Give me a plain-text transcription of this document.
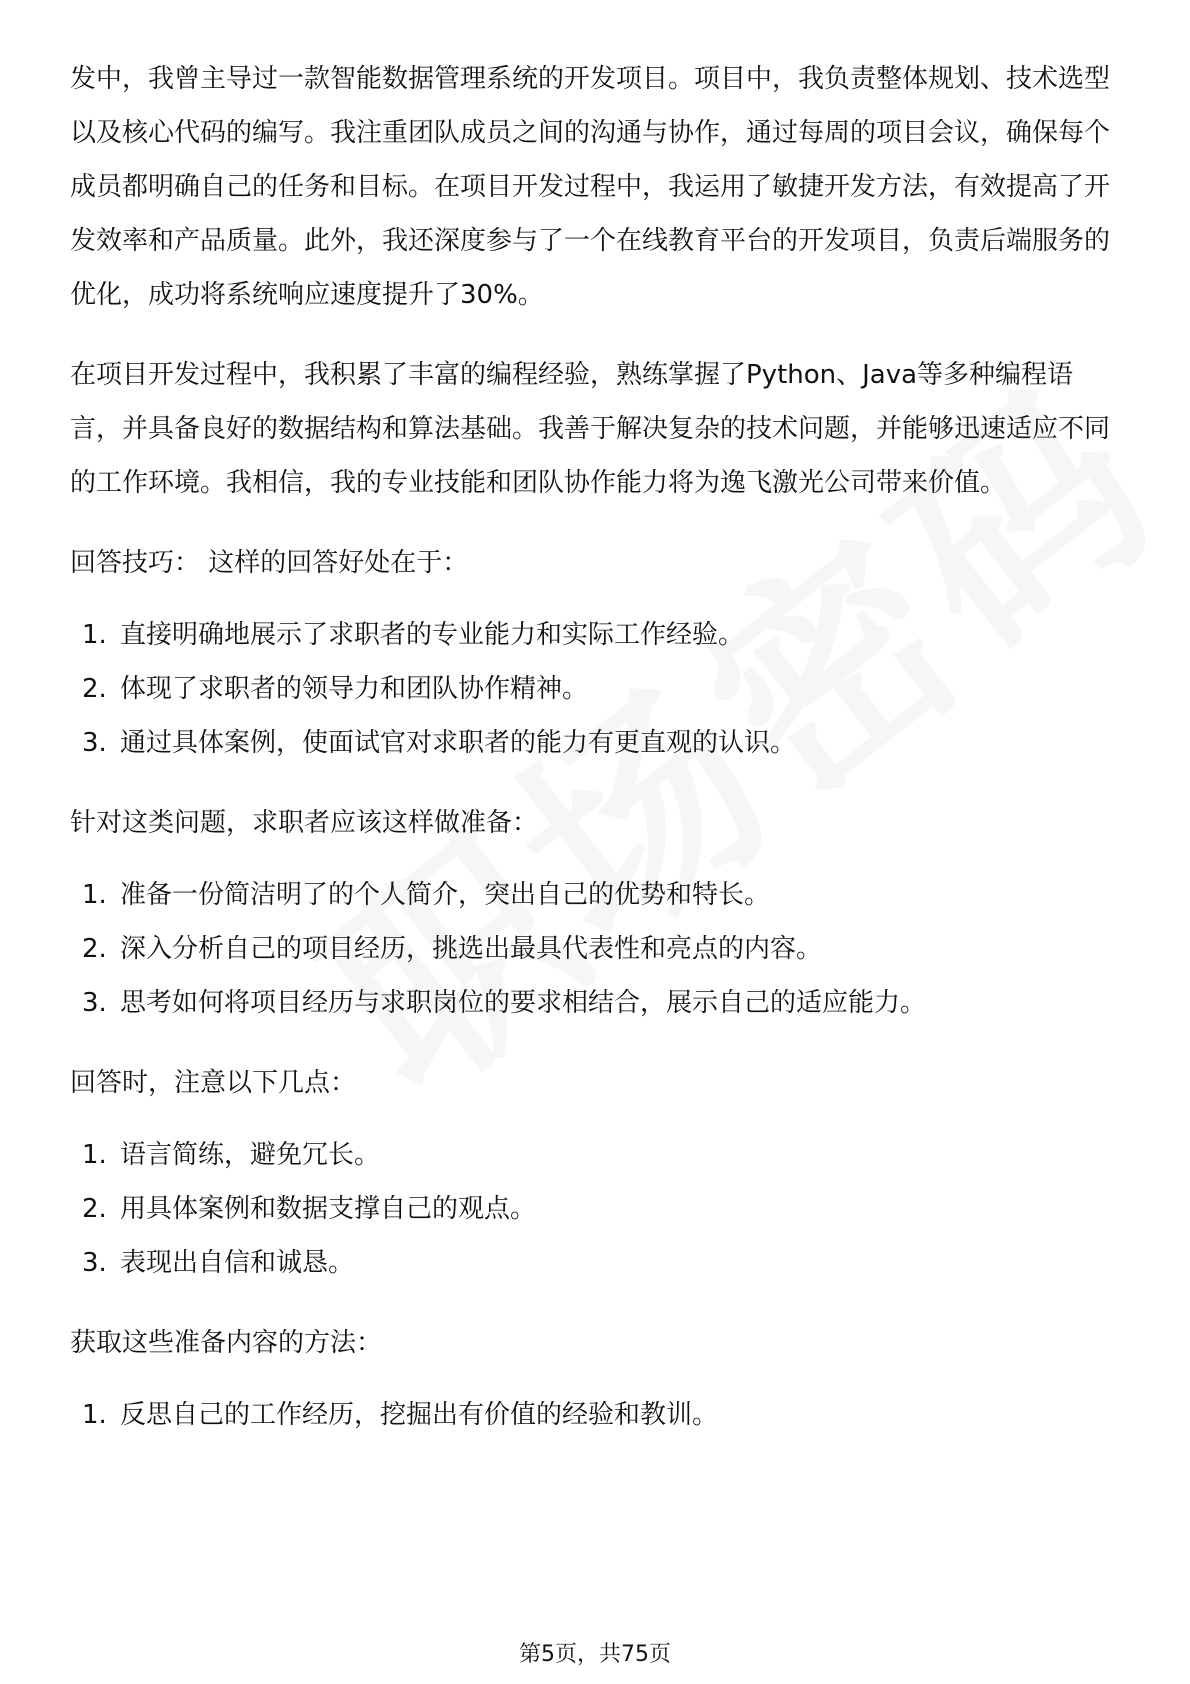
发中，我曾主导过一款智能数据管理系统的开发项目。项目中，我负责整体规划、技术选型以及核心代码的编写。我注重团队成员之间的沟通与协作，通过每周的项目会议，确保每个成员都明确自己的任务和目标。在项目开发过程中，我运用了敏捷开发方法，有效提高了开发效率和产品质量。此外，我还深度参与了一个在线教育平台的开发项目，负责后端服务的优化，成功将系统响应速度提升了30%。

在项目开发过程中，我积累了丰富的编程经验，熟练掌握了Python、Java等多种编程语言，并具备良好的数据结构和算法基础。我善于解决复杂的技术问题，并能够迅速适应不同的工作环境。我相信，我的专业技能和团队协作能力将为逸飞激光公司带来价值。

回答技巧： 这样的回答好处在于：

1. 直接明确地展示了求职者的专业能力和实际工作经验。
2. 体现了求职者的领导力和团队协作精神。
3. 通过具体案例，使面试官对求职者的能力有更直观的认识。

针对这类问题，求职者应该这样做准备：

1. 准备一份简洁明了的个人简介，突出自己的优势和特长。
2. 深入分析自己的项目经历，挑选出最具代表性和亮点的内容。
3. 思考如何将项目经历与求职岗位的要求相结合，展示自己的适应能力。

回答时，注意以下几点：

1. 语言简练，避免冗长。
2. 用具体案例和数据支撑自己的观点。
3. 表现出自信和诚恳。

获取这些准备内容的方法：

1. 反思自己的工作经历，挖掘出有价值的经验和教训。
第5页，共75页
